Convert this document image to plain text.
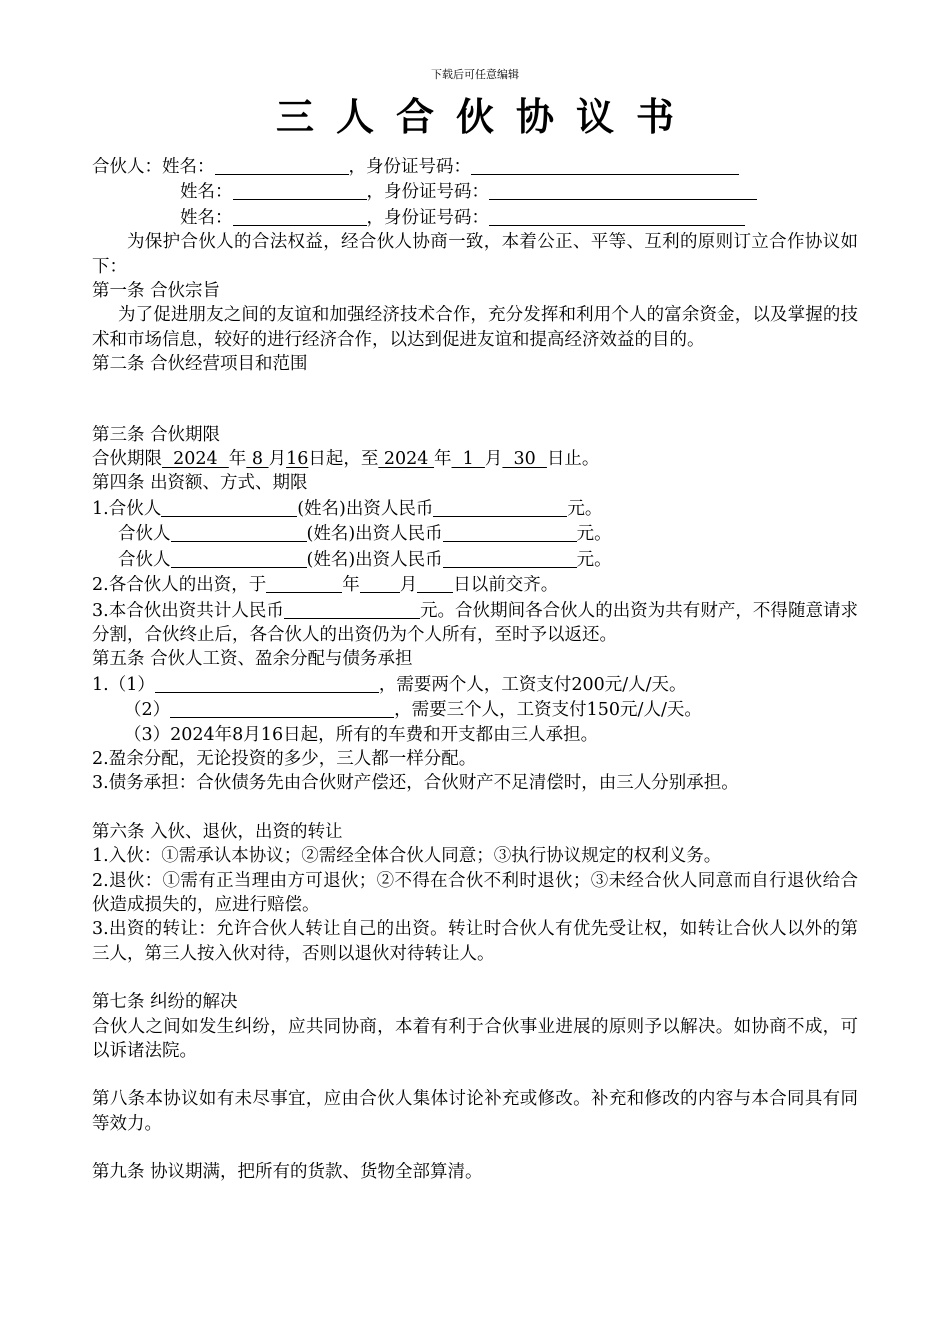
下载后可任意编辑
三人合伙协议书

合伙人：姓名：	，身份证号码：

姓名：	，身份证号码：

姓名：	，身份证号码：

为保护合伙人的合法权益，经合伙人协商一致，本着公正、平等、互利的原则订立合作协议如下：

第一条 合伙宗旨

为了促进朋友之间的友谊和加强经济技术合作，充分发挥和利用个人的富余资金，以及掌握的技术和市场信息，较好的进行经济合作，以达到促进友谊和提高经济效益的目的。

第二条 合伙经营项目和范围

第三条 合伙期限

合伙期限  2024  年 8 月16日起，至 2024 年  1  月  30  日止。

第四条 出资额、方式、期限

1.合伙人	(姓名)出资人民币	元。

合伙人	(姓名)出资人民币	元。

合伙人	(姓名)出资人民币	元。

2.各合伙人的出资，于	年 月 日以前交齐。

3.本合伙出资共计人民币	元。合伙期间各合伙人的出资为共有财产，不得随意请求分割，合伙终止后，各合伙人的出资仍为个人所有，至时予以返还。

第五条 合伙人工资、盈余分配与债务承担

1.（1）	，需要两个人，工资支付200元/人/天。

（2）	，需要三个人，工资支付150元/人/天。

（3）2024年8月16日起，所有的车费和开支都由三人承担。

2.盈余分配，无论投资的多少，三人都一样分配。

3.债务承担：合伙债务先由合伙财产偿还，合伙财产不足清偿时，由三人分别承担。

第六条 入伙、退伙，出资的转让

1.入伙：①需承认本协议；②需经全体合伙人同意；③执行协议规定的权利义务。

2.退伙：①需有正当理由方可退伙；②不得在合伙不利时退伙；③未经合伙人同意而自行退伙给合伙造成损失的，应进行赔偿。

3.出资的转让：允许合伙人转让自己的出资。转让时合伙人有优先受让权，如转让合伙人以外的第三人，第三人按入伙对待，否则以退伙对待转让人。

第七条 纠纷的解决

合伙人之间如发生纠纷，应共同协商，本着有利于合伙事业进展的原则予以解决。如协商不成，可以诉诸法院。

第八条本协议如有未尽事宜，应由合伙人集体讨论补充或修改。补充和修改的内容与本合同具有同等效力。

第九条 协议期满，把所有的货款、货物全部算清。
